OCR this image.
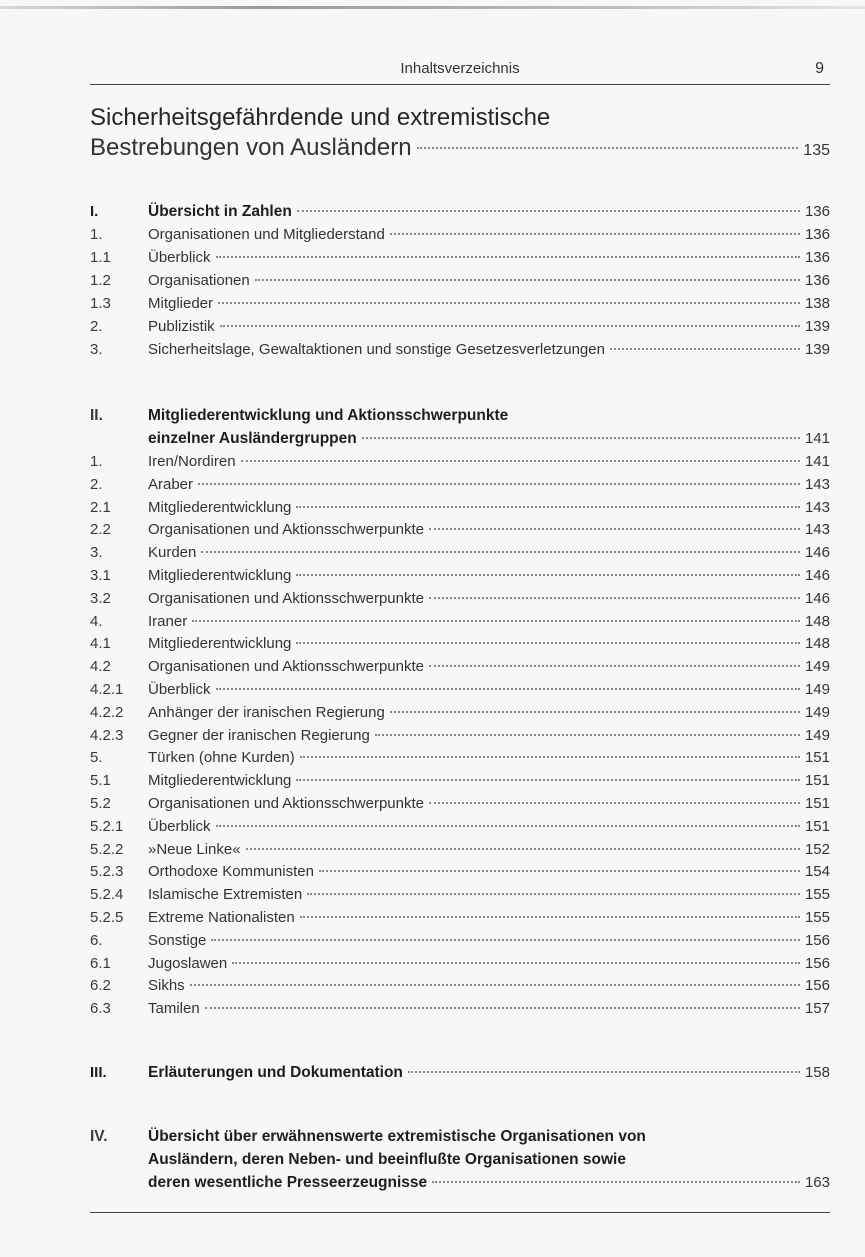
Inhaltsverzeichnis	9
Sicherheitsgefährdende und extremistische
Bestrebungen von Ausländern	135
I.	Übersicht in Zahlen	136
1.	Organisationen und Mitgliederstand	136
1.1	Überblick	136
1.2	Organisationen	136
1.3	Mitglieder	138
2.	Publizistik	139
3.	Sicherheitslage, Gewaltaktionen und sonstige Gesetzesverletzungen	139
II.	Mitgliederentwicklung und Aktionsschwerpunkte
einzelner Ausländergruppen	141
1.	Iren/Nordiren	141
2.	Araber	143
2.1	Mitgliederentwicklung	143
2.2	Organisationen und Aktionsschwerpunkte	143
3.	Kurden	146
3.1	Mitgliederentwicklung	146
3.2	Organisationen und Aktionsschwerpunkte	146
4.	Iraner	148
4.1	Mitgliederentwicklung	148
4.2	Organisationen und Aktionsschwerpunkte	149
4.2.1	Überblick	149
4.2.2	Anhänger der iranischen Regierung	149
4.2.3	Gegner der iranischen Regierung	149
5.	Türken (ohne Kurden)	151
5.1	Mitgliederentwicklung	151
5.2	Organisationen und Aktionsschwerpunkte	151
5.2.1	Überblick	151
5.2.2	»Neue Linke«	152
5.2.3	Orthodoxe Kommunisten	154
5.2.4	Islamische Extremisten	155
5.2.5	Extreme Nationalisten	155
6.	Sonstige	156
6.1	Jugoslawen	156
6.2	Sikhs	156
6.3	Tamilen	157
III.	Erläuterungen und Dokumentation	158
IV.	Übersicht über erwähnenswerte extremistische Organisationen von
Ausländern, deren Neben- und beeinflußte Organisationen sowie
deren wesentliche Presseerzeugnisse	163
